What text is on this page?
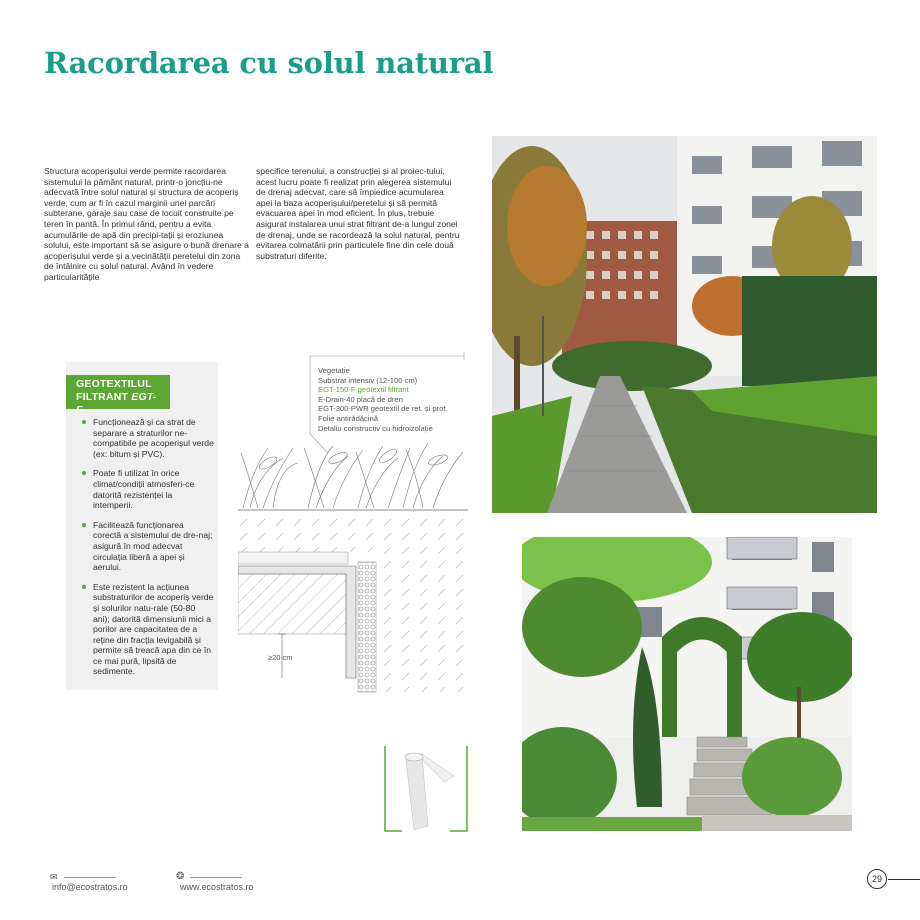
Racordarea cu solul natural

Structura acoperișului verde permite racordarea sistemului la pământ natural, printr-o joncțiu-ne adecvată între solul natural și structura de acoperiș verde, cum ar fi în cazul marginii unei parcări subterane, garaje sau case de locuit construite pe teren în pantă. În primul rând, pentru a evita acumulările de apă din precipi-tații și eroziunea solului, este important să se asigure o bună drenare a acoperișului verde și a vecinătății peretelui din zona de întâlnire cu solul natural. Având în vedere particularitățile

specifice terenului, a construcției și al proiec-tului, acest lucru poate fi realizat prin alegerea sistemului de drenaj adecvat, care să împiedice acumularea apei la baza acoperișului/peretelui și să permită evacuarea apei în mod eficient. În plus, trebuie asigurat instalarea unui strat filtrant de-a lungul zonei de drenaj, unde se racordează la solul natural, pentru evitarea colmatării prin particulele fine din cele două substraturi diferite.

GEOTEXTILUL
FILTRANT EGT-F
Funcționează și ca strat de separare a straturilor ne-compatibile pe acoperișul verde (ex: bitum și PVC).
Poate fi utilizat în orice climat/condiții atmosferi-ce datorită rezistenței la intemperii.
Facilitează funcționarea corectă a sistemului de dre-naj; asigură în mod adecvat circulația liberă a apei și aerului.
Este rezistent la acțiunea substraturilor de acoperiș verde și solurilor natu-rale (50-80 ani); datorită dimensiunii mici a porilor are capacitatea de a reține din fracția levigabilă și permite să treacă apa din ce în ce mai pură, lipsită de sedimente.
≥20 cm
Vegetație
Substrat intensiv (12-100 cm)
EGT-150-F geotextil filtrant
E-Drain-40 placă de dren
EGT-300-PWR geotextil de ret. și prot.
Folie antirădăcină
Detaliu constructiv cu hidroizolație
✉
info@ecostratos.ro
❂
www.ecostratos.ro
29
